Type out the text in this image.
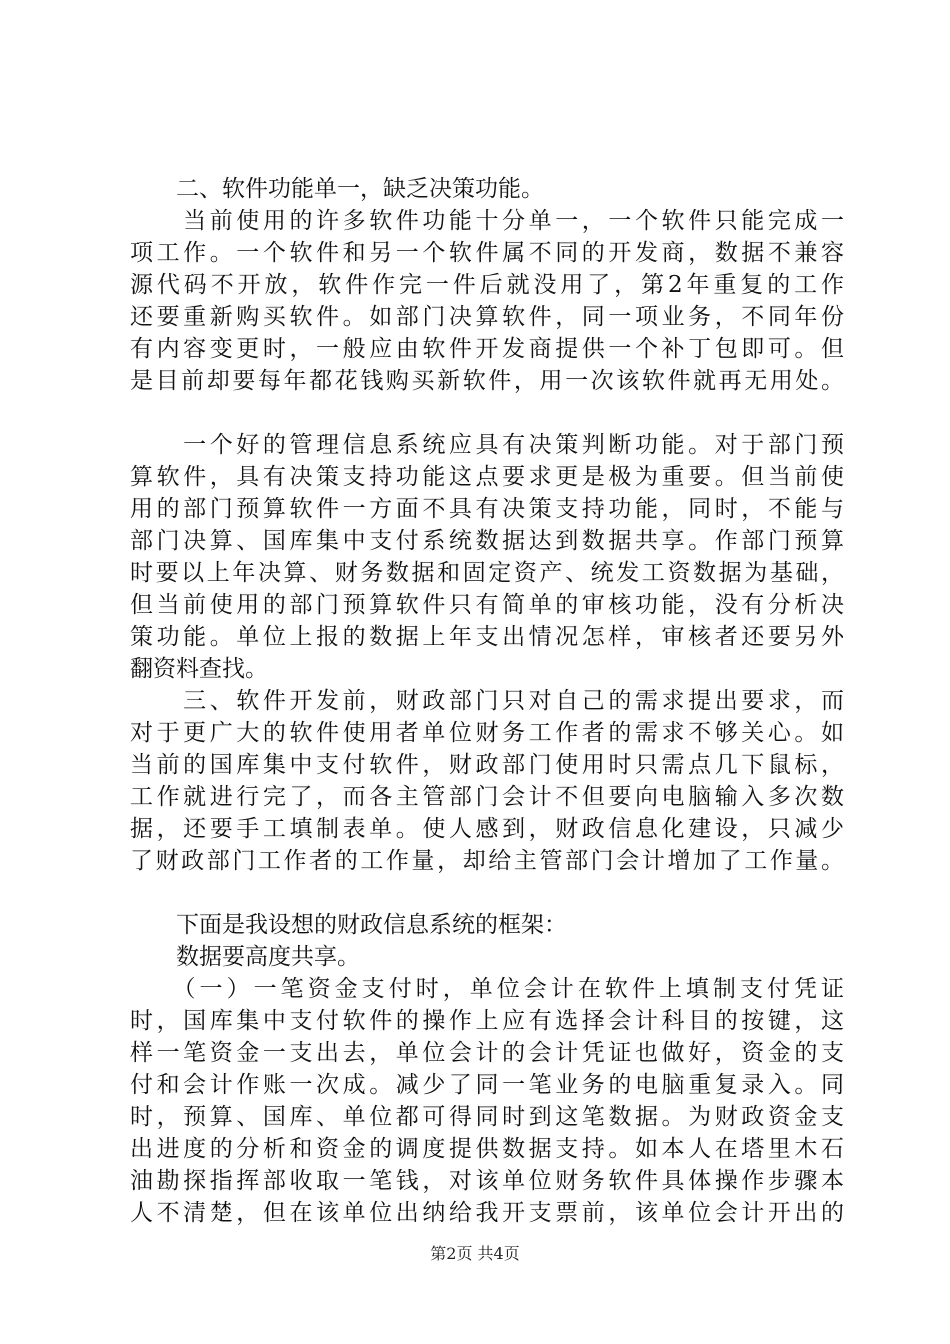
　　二、软件功能单一，缺乏决策功能。
　　当前使用的许多软件功能十分单一，一个软件只能完成一
项工作。一个软件和另一个软件属不同的开发商，数据不兼容
源代码不开放，软件作完一件后就没用了，第2年重复的工作
还要重新购买软件。如部门决算软件，同一项业务，不同年份
有内容变更时，一般应由软件开发商提供一个补丁包即可。但
是目前却要每年都花钱购买新软件，用一次该软件就再无用处。
　　一个好的管理信息系统应具有决策判断功能。对于部门预
算软件，具有决策支持功能这点要求更是极为重要。但当前使
用的部门预算软件一方面不具有决策支持功能，同时，不能与
部门决算、国库集中支付系统数据达到数据共享。作部门预算
时要以上年决算、财务数据和固定资产、统发工资数据为基础，
但当前使用的部门预算软件只有简单的审核功能，没有分析决
策功能。单位上报的数据上年支出情况怎样，审核者还要另外
翻资料查找。
　　三、软件开发前，财政部门只对自己的需求提出要求，而
对于更广大的软件使用者单位财务工作者的需求不够关心。如
当前的国库集中支付软件，财政部门使用时只需点几下鼠标，
工作就进行完了，而各主管部门会计不但要向电脑输入多次数
据，还要手工填制表单。使人感到，财政信息化建设，只减少
了财政部门工作者的工作量，却给主管部门会计增加了工作量。
　　下面是我设想的财政信息系统的框架：
　　数据要高度共享。
　　（一）一笔资金支付时，单位会计在软件上填制支付凭证
时，国库集中支付软件的操作上应有选择会计科目的按键，这
样一笔资金一支出去，单位会计的会计凭证也做好，资金的支
付和会计作账一次成。减少了同一笔业务的电脑重复录入。同
时，预算、国库、单位都可得同时到这笔数据。为财政资金支
出进度的分析和资金的调度提供数据支持。如本人在塔里木石
油勘探指挥部收取一笔钱，对该单位财务软件具体操作步骤本
人不清楚，但在该单位出纳给我开支票前，该单位会计开出的
第2页 共4页
